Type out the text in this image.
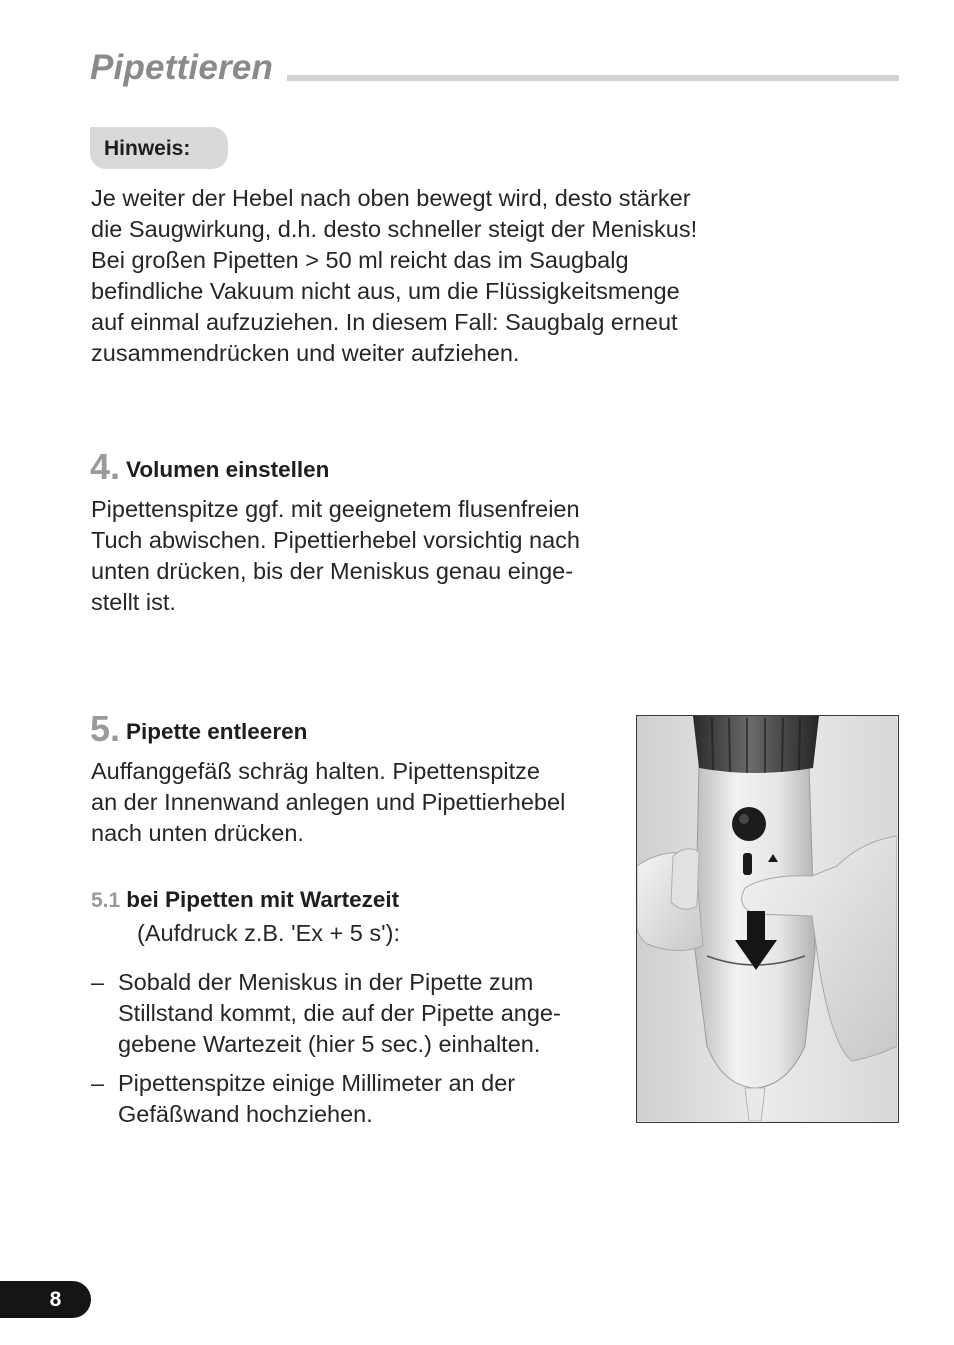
Pipettieren
Hinweis:

Je weiter der Hebel nach oben bewegt wird, desto stärker

die Saugwirkung, d.h. desto schneller steigt der Meniskus!

Bei großen Pipetten > 50 ml reicht das im Saugbalg

befindliche Vakuum nicht aus, um die Flüssigkeitsmenge

auf einmal aufzuziehen. In diesem Fall: Saugbalg erneut

zusammendrücken und weiter aufziehen.

4. Volumen einstellen

Pipettenspitze ggf. mit geeignetem flusenfreien

Tuch abwischen. Pipettierhebel vorsichtig nach

unten drücken, bis der Meniskus genau einge-

stellt ist.

5. Pipette entleeren

Auffanggefäß schräg halten. Pipettenspitze

an der Innenwand anlegen und Pipettierhebel

nach unten drücken.

5.1 bei Pipetten mit Wartezeit
(Aufdruck z.B. 'Ex + 5 s'):
– Sobald der Meniskus in der Pipette zum

Stillstand kommt, die auf der Pipette ange-

gebene Wartezeit (hier 5 sec.) einhalten.

– Pipettenspitze einige Millimeter an der

Gefäßwand hochziehen.

8
